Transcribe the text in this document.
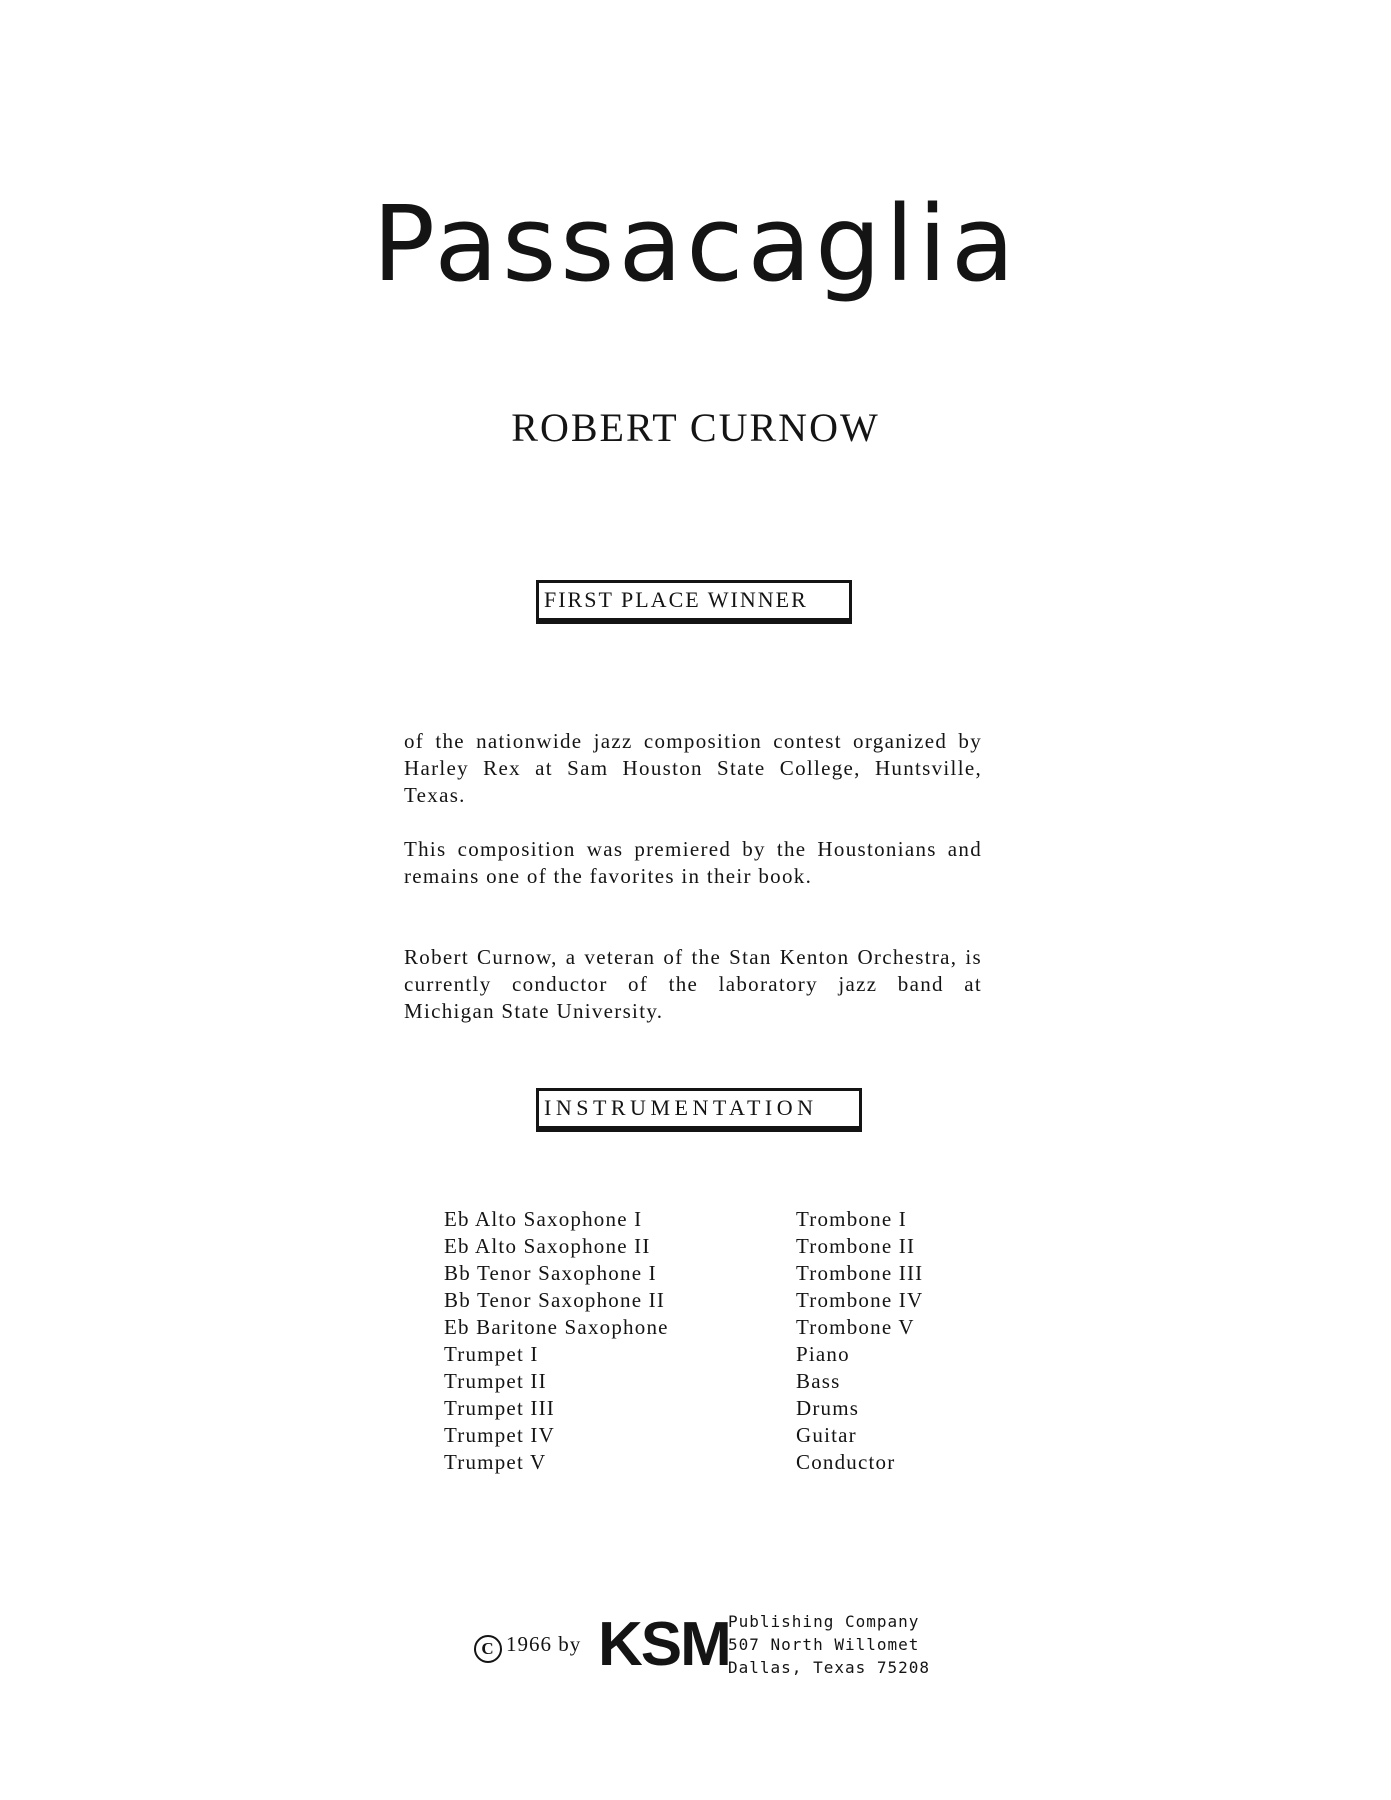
Passacaglia
ROBERT CURNOW
FIRST PLACE WINNER

of the nationwide jazz composition contest organized by Harley Rex at Sam Houston State College, Huntsville, Texas.

This composition was premiered by the Houstonians and remains one of the favorites in their book.

Robert Curnow, a veteran of the Stan Kenton Orchestra, is currently conductor of the laboratory jazz band at Michigan State University.

INSTRUMENTATION
Eb Alto Saxophone I
Eb Alto Saxophone II
Bb Tenor Saxophone I
Bb Tenor Saxophone II
Eb Baritone Saxophone
Trumpet I
Trumpet II
Trumpet III
Trumpet IV
Trumpet V
Trombone I
Trombone II
Trombone III
Trombone IV
Trombone V
Piano
Bass
Drums
Guitar
Conductor
C 1966 by KSM
Publishing Company
507 North Willomet
Dallas, Texas 75208
